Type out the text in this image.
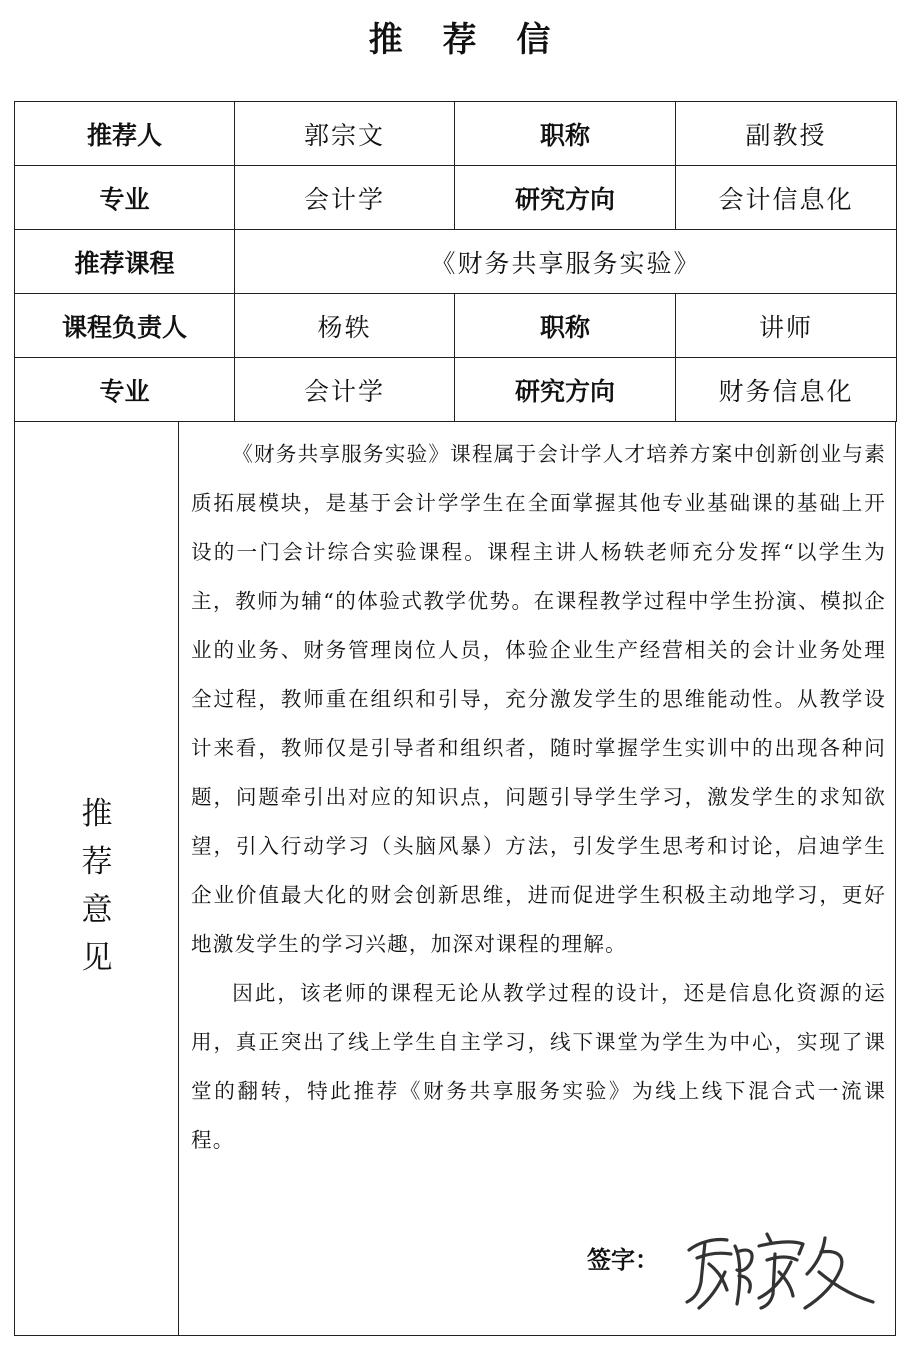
推 荐 信
推荐人	郭宗文	职称	副教授
专业	会计学	研究方向	会计信息化
推荐课程	《财务共享服务实验》		
课程负责人	杨轶	职称	讲师
专业	会计学	研究方向	财务信息化
推
荐
意
见

《财务共享服务实验》课程属于会计学人才培养方案中创新创业与素质拓展模块，是基于会计学学生在全面掌握其他专业基础课的基础上开设的一门会计综合实验课程。课程主讲人杨轶老师充分发挥“以学生为主，教师为辅“的体验式教学优势。在课程教学过程中学生扮演、模拟企业的业务、财务管理岗位人员，体验企业生产经营相关的会计业务处理全过程，教师重在组织和引导，充分激发学生的思维能动性。从教学设计来看，教师仅是引导者和组织者，随时掌握学生实训中的出现各种问题，问题牵引出对应的知识点，问题引导学生学习，激发学生的求知欲望，引入行动学习（头脑风暴）方法，引发学生思考和讨论，启迪学生企业价值最大化的财会创新思维，进而促进学生积极主动地学习，更好地激发学生的学习兴趣，加深对课程的理解。

因此，该老师的课程无论从教学过程的设计，还是信息化资源的运用，真正突出了线上学生自主学习，线下课堂为学生为中心，实现了课堂的翻转，特此推荐《财务共享服务实验》为线上线下混合式一流课程。

签字：
